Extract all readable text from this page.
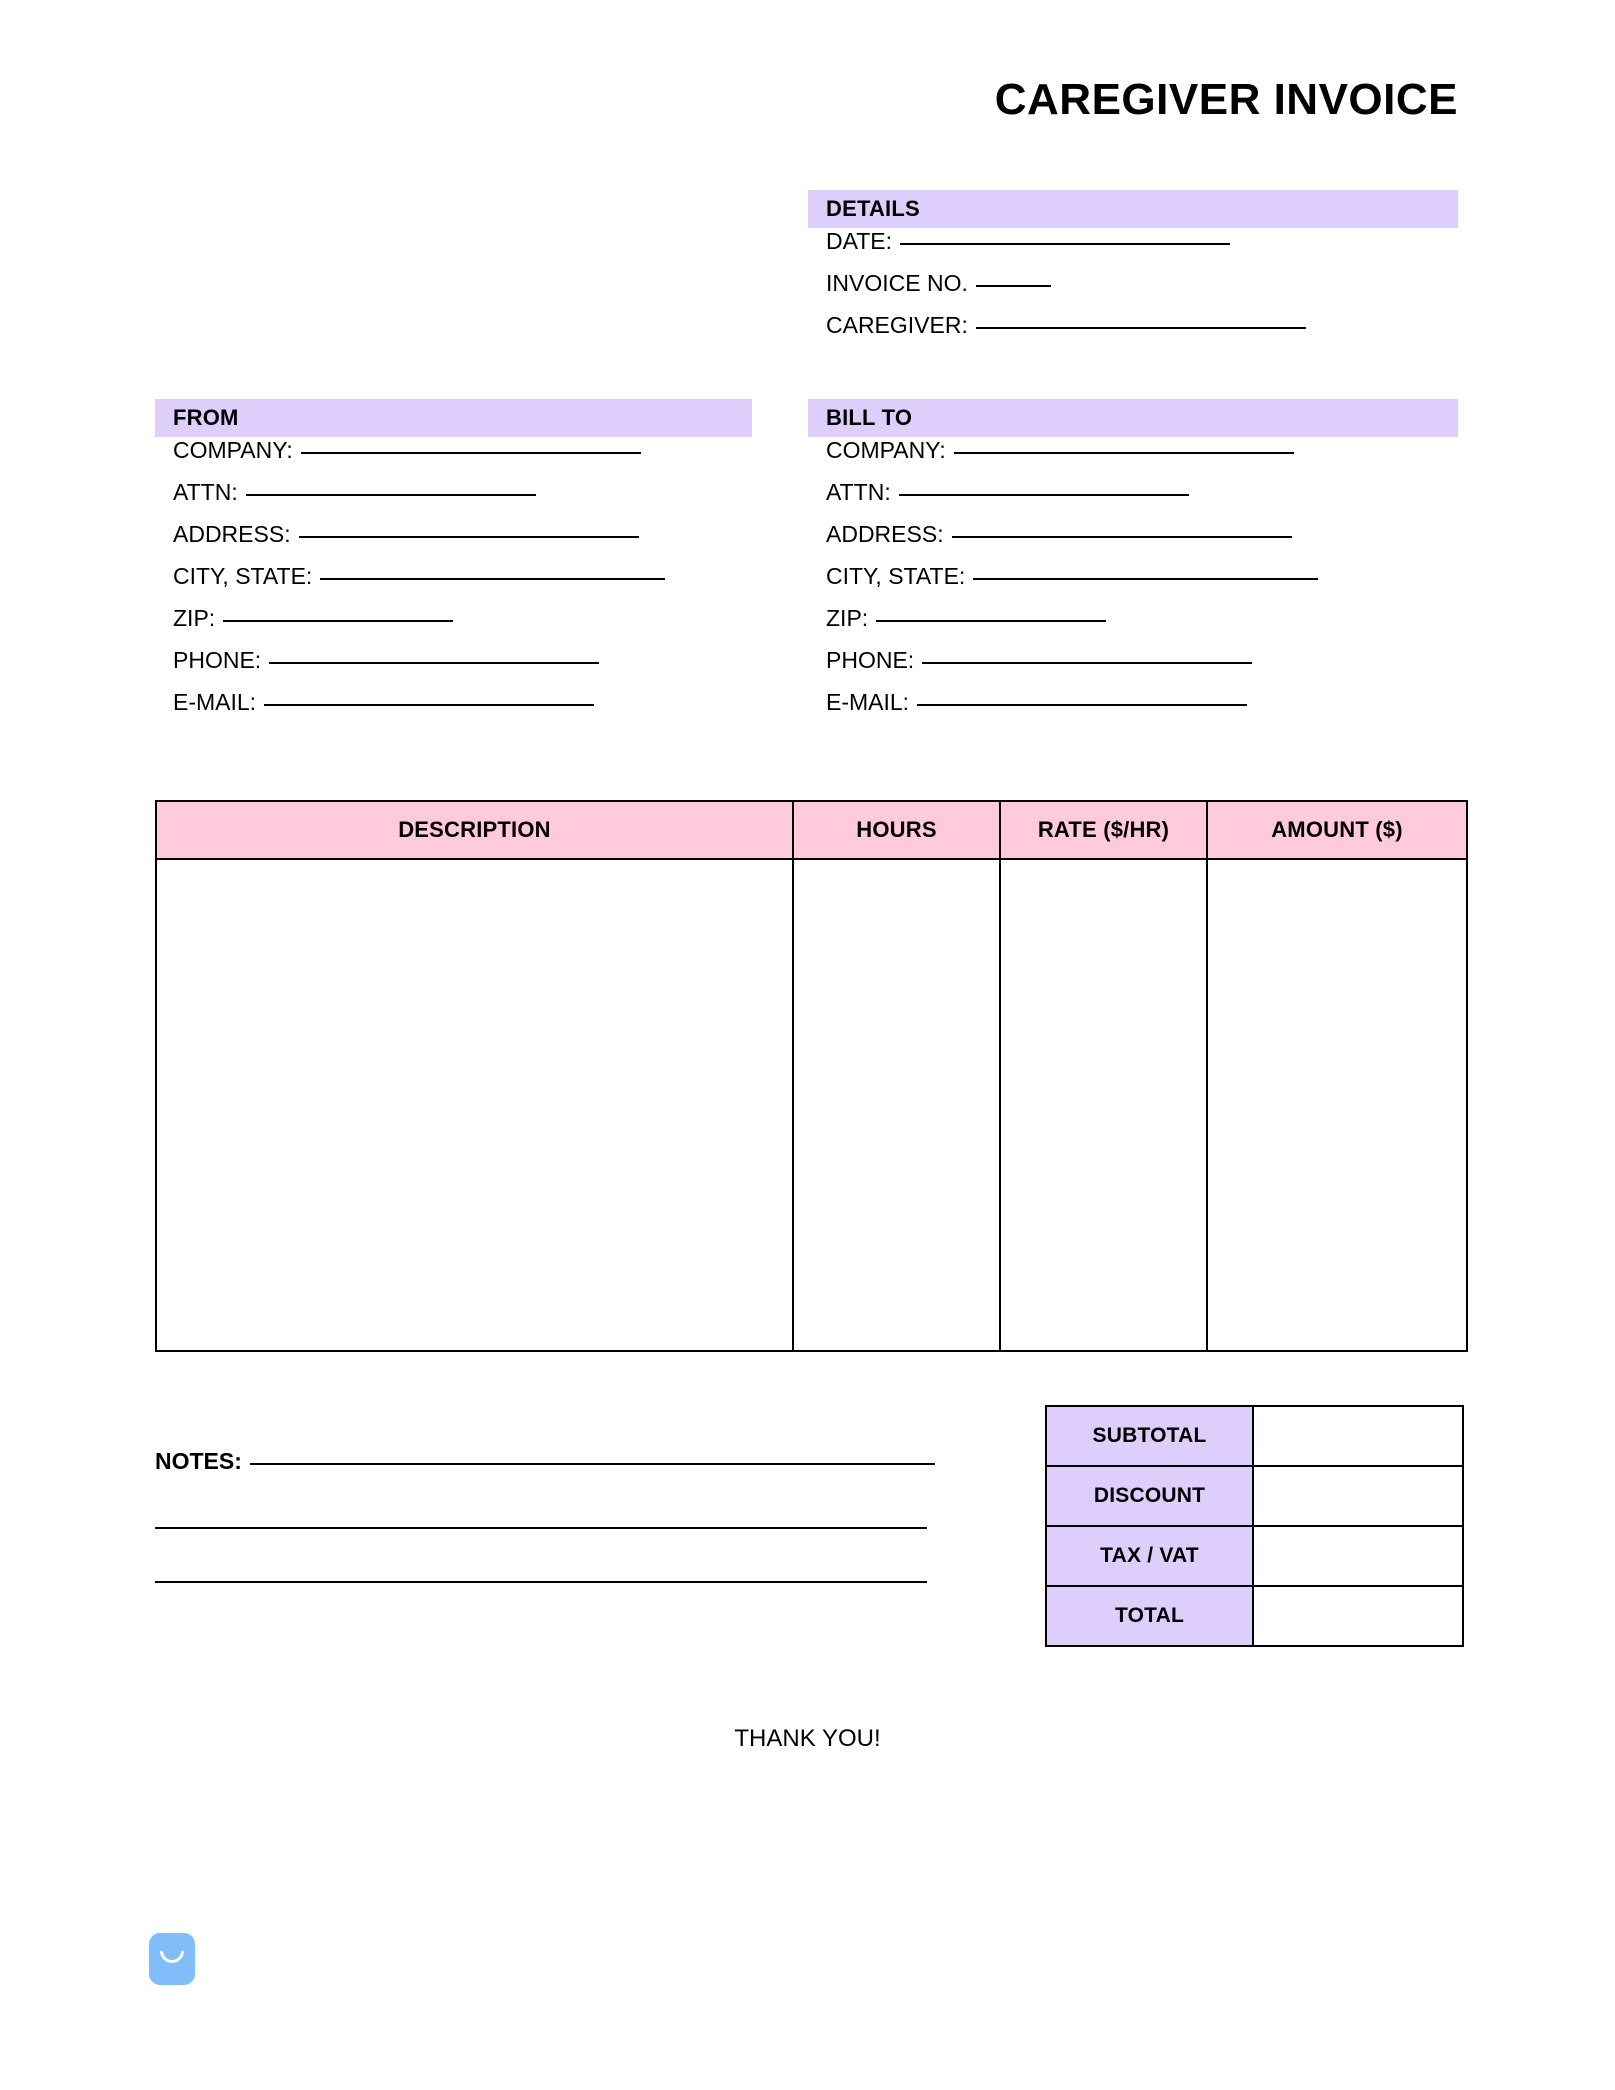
CAREGIVER INVOICE
DETAILS
DATE:
INVOICE NO.
CAREGIVER:
FROM
COMPANY:
ATTN:
ADDRESS:
CITY, STATE:
ZIP:
PHONE:
E-MAIL:
BILL TO
COMPANY:
ATTN:
ADDRESS:
CITY, STATE:
ZIP:
PHONE:
E-MAIL:
DESCRIPTION	HOURS	RATE ($/HR)	AMOUNT ($)

SUBTOTAL	
DISCOUNT	
TAX / VAT	
TOTAL	
NOTES:
THANK YOU!
